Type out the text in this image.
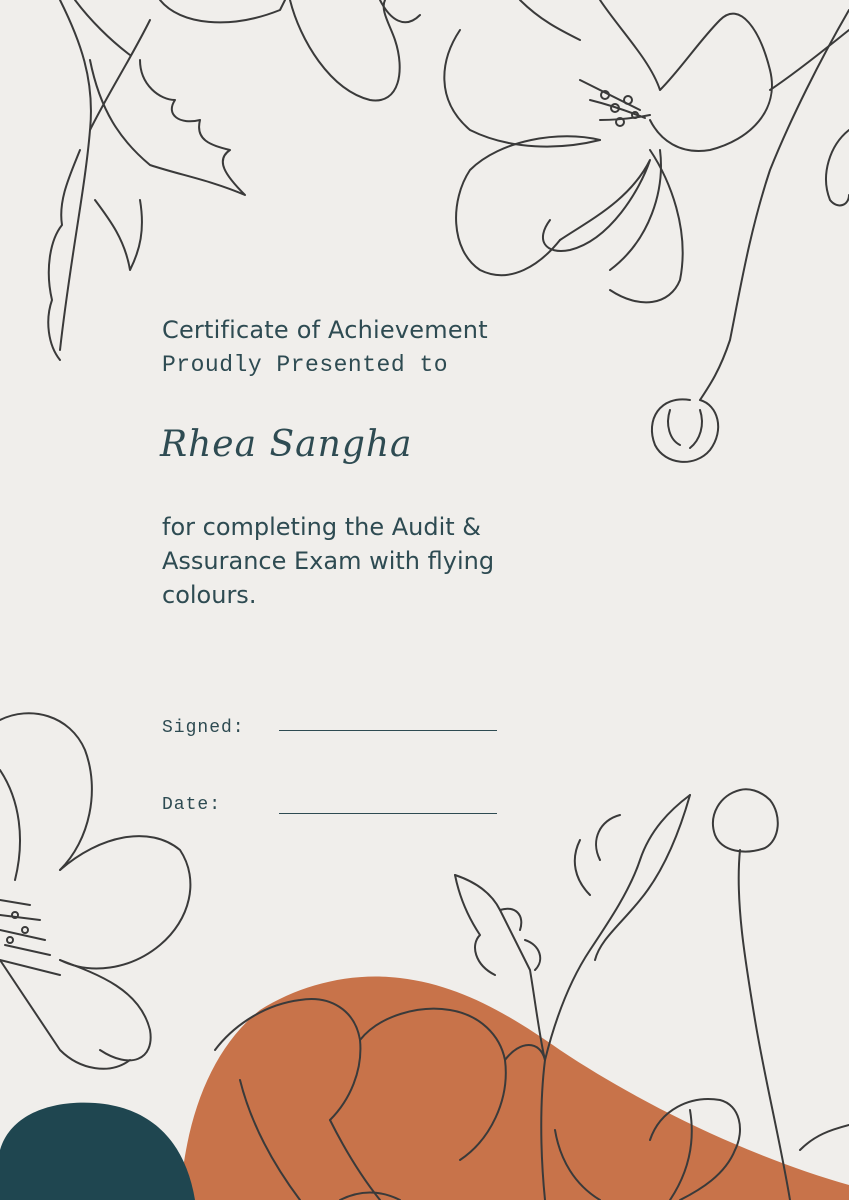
Certificate of Achievement
Proudly Presented to
Rhea Sangha
for completing the Audit & Assurance Exam with flying colours.
Signed:
Date:
